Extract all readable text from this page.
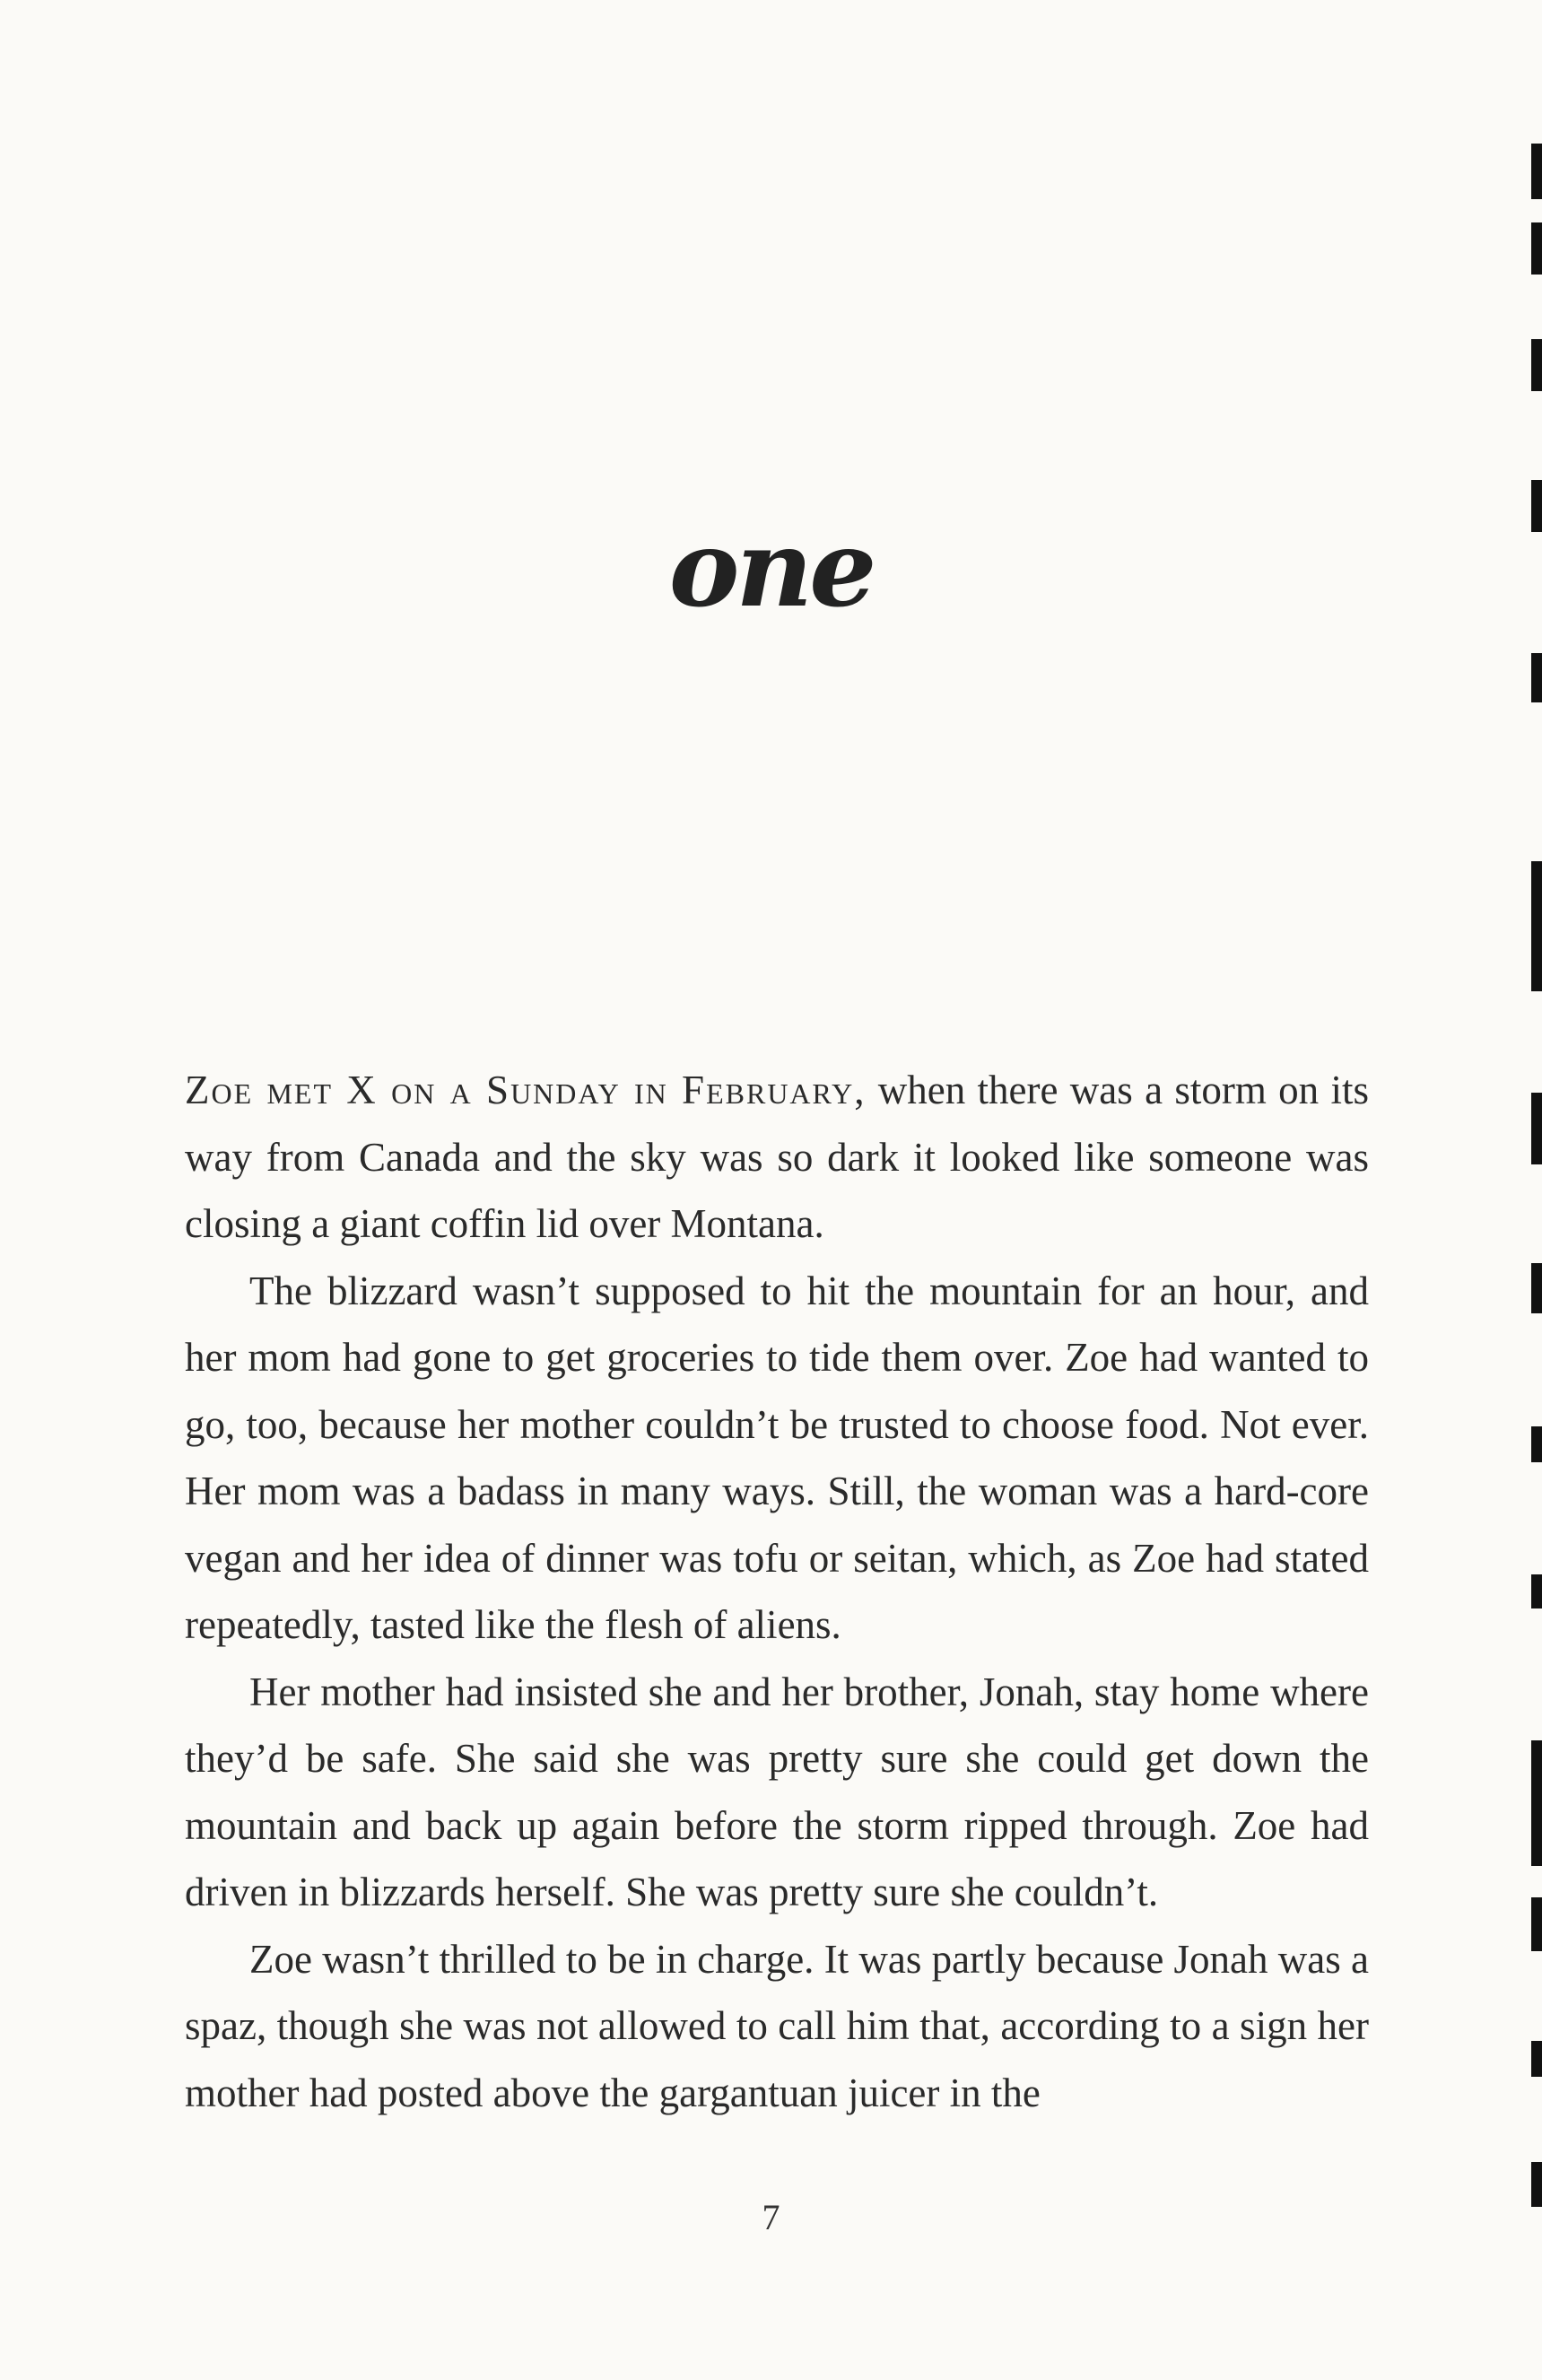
one

Zoe met X on a Sunday in February, when there was a storm on its way from Canada and the sky was so dark it looked like someone was closing a giant coffin lid over Montana.

The blizzard wasn’t supposed to hit the mountain for an hour, and her mom had gone to get groceries to tide them over. Zoe had wanted to go, too, because her mother couldn’t be trusted to choose food. Not ever. Her mom was a badass in many ways. Still, the woman was a hard-core vegan and her idea of dinner was tofu or seitan, which, as Zoe had stated repeatedly, tasted like the flesh of aliens.

Her mother had insisted she and her brother, Jonah, stay home where they’d be safe. She said she was pretty sure she could get down the mountain and back up again before the storm ripped through. Zoe had driven in blizzards herself. She was pretty sure she couldn’t.

Zoe wasn’t thrilled to be in charge. It was partly because Jonah was a spaz, though she was not allowed to call him that, according to a sign her mother had posted above the gargantuan juicer in the

7
